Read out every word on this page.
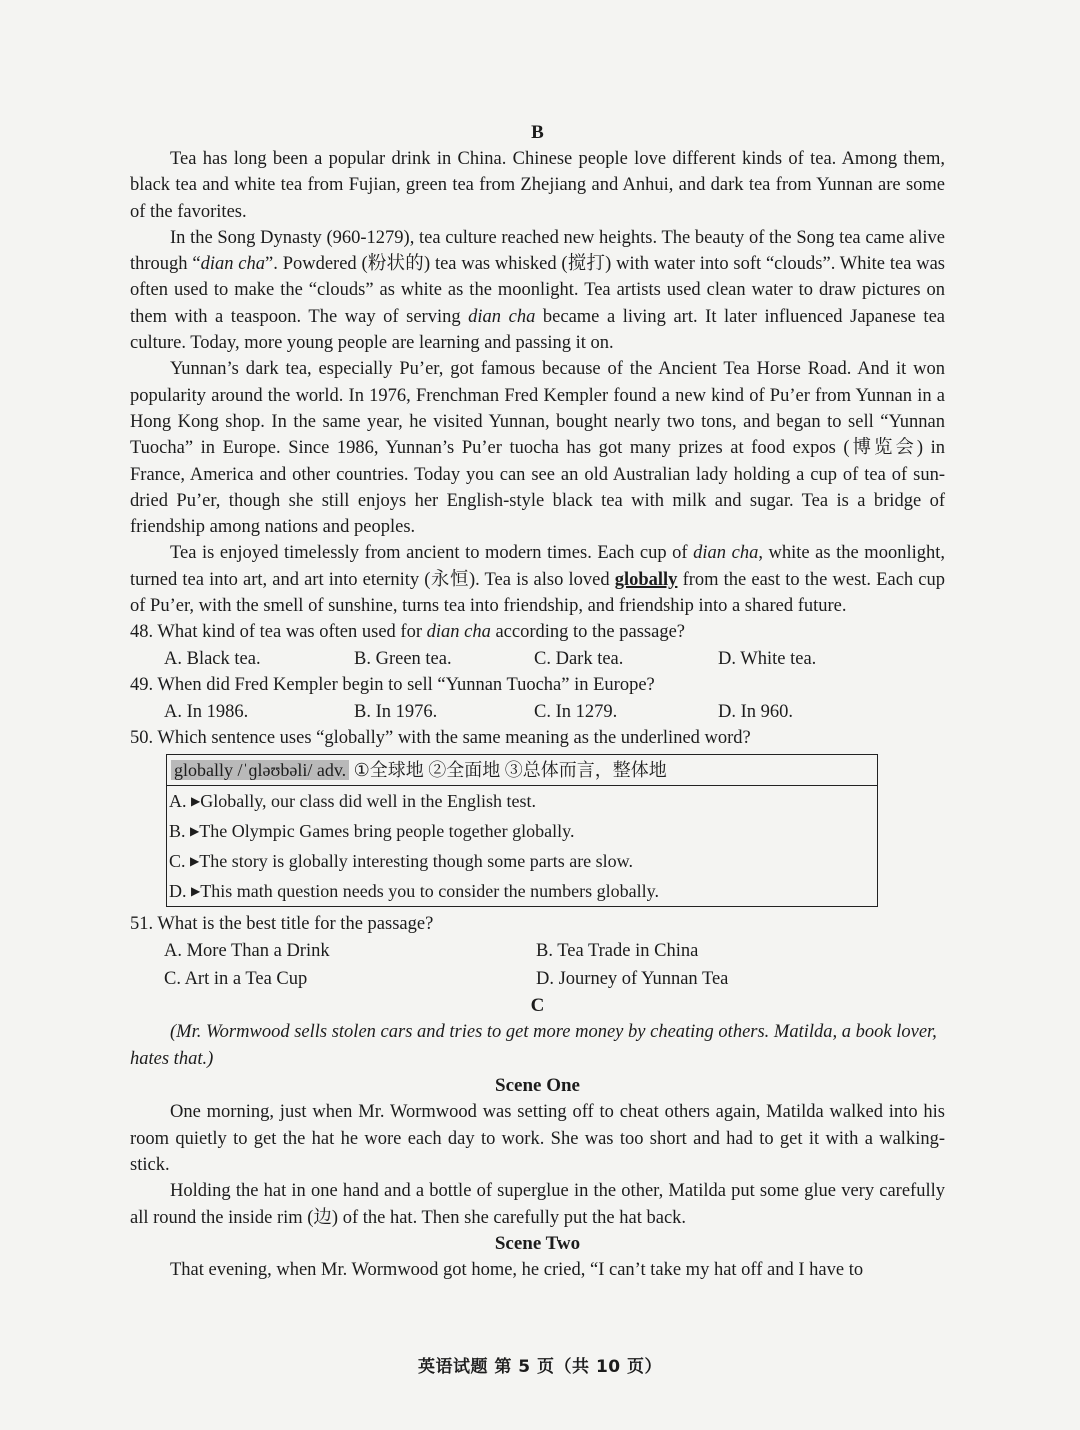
B

Tea has long been a popular drink in China. Chinese people love different kinds of tea. Among them, black tea and white tea from Fujian, green tea from Zhejiang and Anhui, and dark tea from Yunnan are some of the favorites.

In the Song Dynasty (960-1279), tea culture reached new heights. The beauty of the Song tea came alive through “dian cha”. Powdered (粉状的) tea was whisked (搅打) with water into soft “clouds”. White tea was often used to make the “clouds” as white as the moonlight. Tea artists used clean water to draw pictures on them with a teaspoon. The way of serving dian cha became a living art. It later influenced Japanese tea culture. Today, more young people are learning and passing it on.

Yunnan’s dark tea, especially Pu’er, got famous because of the Ancient Tea Horse Road. And it won popularity around the world. In 1976, Frenchman Fred Kempler found a new kind of Pu’er from Yunnan in a Hong Kong shop. In the same year, he visited Yunnan, bought nearly two tons, and began to sell “Yunnan Tuocha” in Europe. Since 1986, Yunnan’s Pu’er tuocha has got many prizes at food expos (博览会) in France, America and other countries. Today you can see an old Australian lady holding a cup of tea of sun-dried Pu’er, though she still enjoys her English-style black tea with milk and sugar. Tea is a bridge of friendship among nations and peoples.

Tea is enjoyed timelessly from ancient to modern times. Each cup of dian cha, white as the moonlight, turned tea into art, and art into eternity (永恒). Tea is also loved globally from the east to the west. Each cup of Pu’er, with the smell of sunshine, turns tea into friendship, and friendship into a shared future.

48. What kind of tea was often used for dian cha according to the passage?

A. Black tea.	B. Green tea.	C. Dark tea.	D. White tea.

49. When did Fred Kempler begin to sell “Yunnan Tuocha” in Europe?

A. In 1986.	B. In 1976.	C. In 1279.	D. In 960.

50. Which sentence uses “globally” with the same meaning as the underlined word?

globally /ˈɡləʊbəli/ adv. ①全球地 ②全面地 ③总体而言，整体地
A. ▶Globally, our class did well in the English test.
B. ▶The Olympic Games bring people together globally.
C. ▶The story is globally interesting though some parts are slow.
D. ▶This math question needs you to consider the numbers globally.

51. What is the best title for the passage?

A. More Than a Drink	B. Tea Trade in China
C. Art in a Tea Cup	D. Journey of Yunnan Tea
C

(Mr. Wormwood sells stolen cars and tries to get more money by cheating others. Matilda, a book lover, hates that.)

Scene One

One morning, just when Mr. Wormwood was setting off to cheat others again, Matilda walked into his room quietly to get the hat he wore each day to work. She was too short and had to get it with a walking-stick.

Holding the hat in one hand and a bottle of superglue in the other, Matilda put some glue very carefully all round the inside rim (边) of the hat. Then she carefully put the hat back.

Scene Two

That evening, when Mr. Wormwood got home, he cried, “I can’t take my hat off and I have to

英语试题 第 5 页（共 10 页）
